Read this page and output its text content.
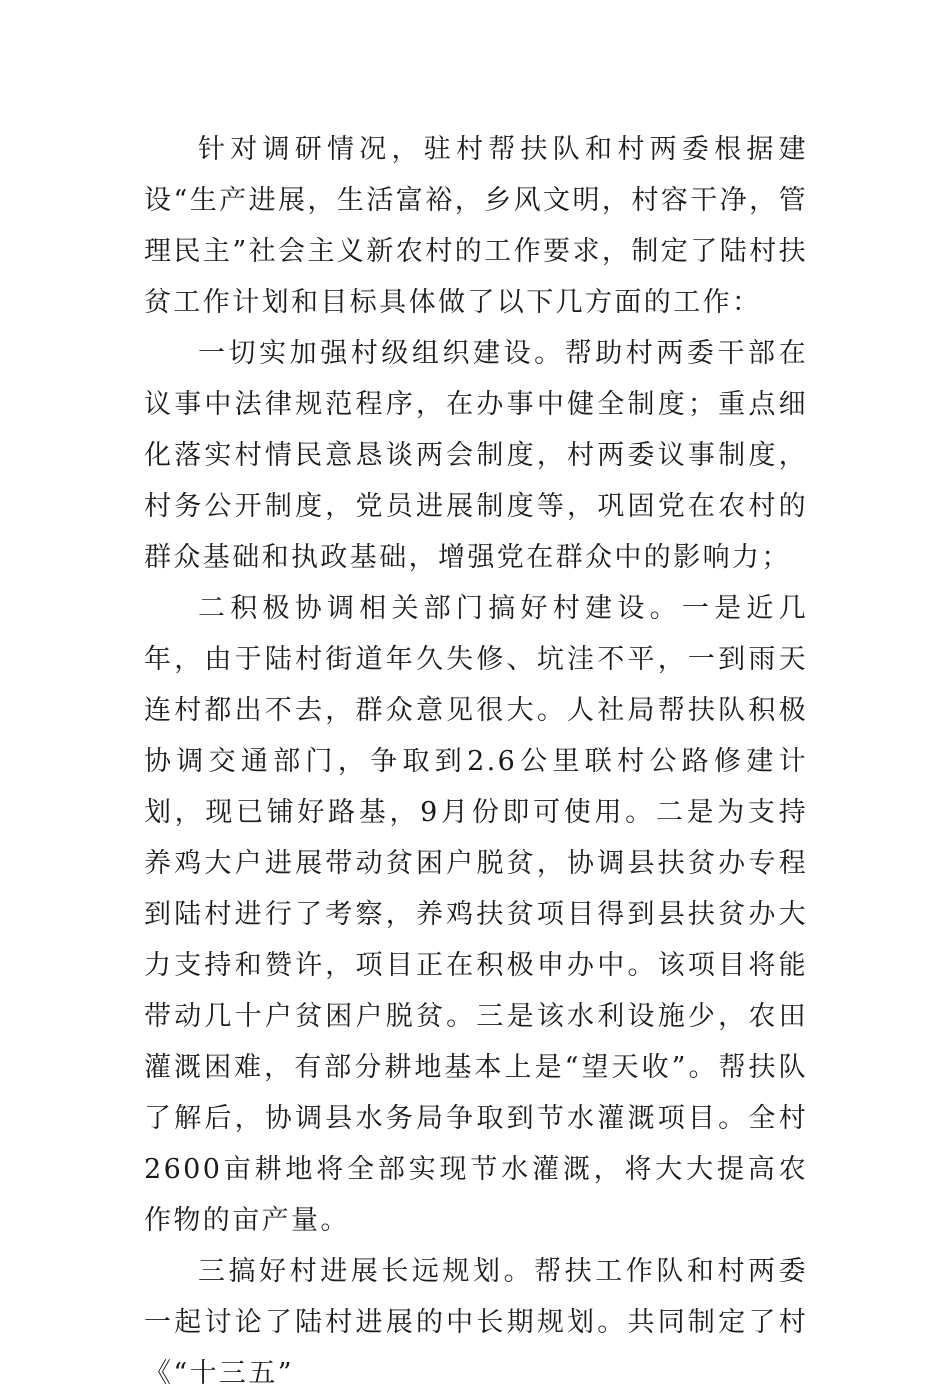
针对调研情况，驻村帮扶队和村两委根据建设“生产进展，生活富裕，乡风文明，村容干净，管理民主”社会主义新农村的工作要求，制定了陆村扶贫工作计划和目标具体做了以下几方面的工作：

一切实加强村级组织建设。帮助村两委干部在议事中法律规范程序，在办事中健全制度；重点细化落实村情民意恳谈两会制度，村两委议事制度，村务公开制度，党员进展制度等，巩固党在农村的群众基础和执政基础，增强党在群众中的影响力；

二积极协调相关部门搞好村建设。一是近几年，由于陆村街道年久失修、坑洼不平，一到雨天连村都出不去，群众意见很大。人社局帮扶队积极协调交通部门，争取到2.6公里联村公路修建计划，现已铺好路基，9月份即可使用。二是为支持养鸡大户进展带动贫困户脱贫，协调县扶贫办专程到陆村进行了考察，养鸡扶贫项目得到县扶贫办大力支持和赞许，项目正在积极申办中。该项目将能带动几十户贫困户脱贫。三是该水利设施少，农田灌溉困难，有部分耕地基本上是“望天收”。帮扶队了解后，协调县水务局争取到节水灌溉项目。全村2600亩耕地将全部实现节水灌溉，将大大提高农作物的亩产量。

三搞好村进展长远规划。帮扶工作队和村两委一起讨论了陆村进展的中长期规划。共同制定了村《“十三五”
